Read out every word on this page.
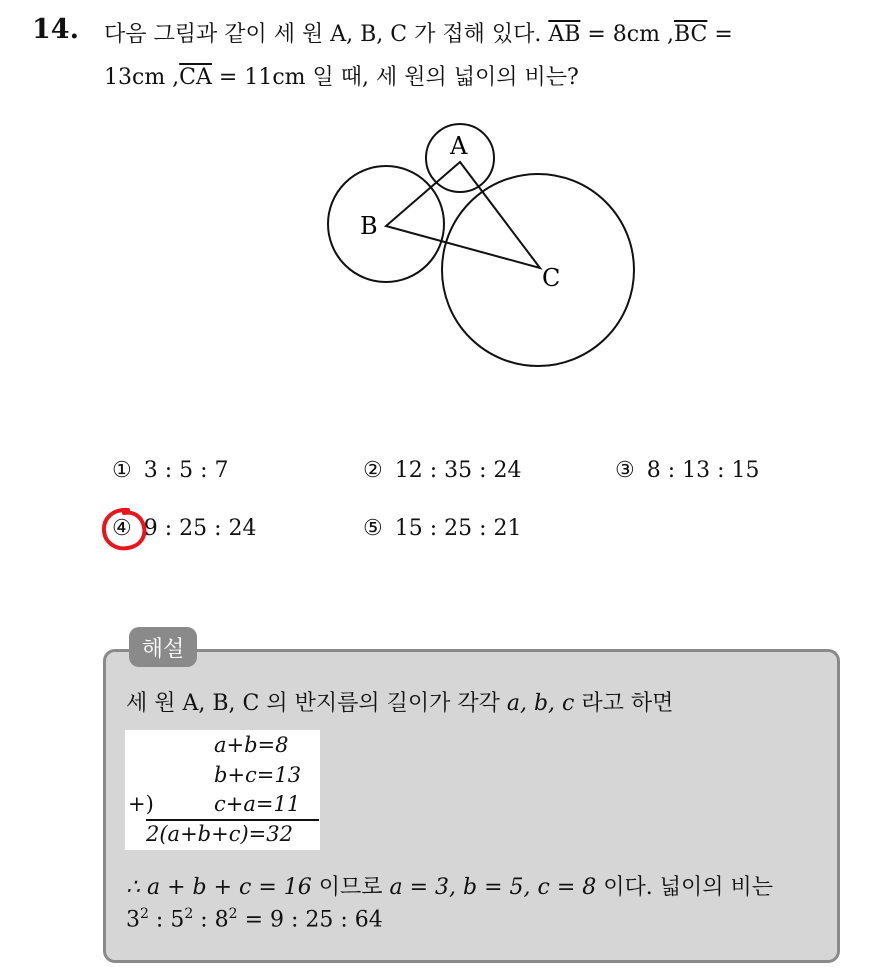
14. 다음 그림과 같이 세 원 A, B, C 가 접해 있다. $\overline{AB} = 8cm$ $,\overline{BC}$ =
13cm $,\overline{CA} = 11cm$ 일 때, 세 원의 넓이의 비는?
A
B
C
① 3 : 5 : 7	② 12 : 35 : 24	③ 8 : 13 : 15
④ 9 : 25 : 24	⑤ 15 : 25 : 21
해설
세 원 A, B, C 의 반지름의 길이가 각각 a, b, c 라고 하면
a+b=8
b+c=13
+)	c+a=11
2(a+b+c)=32
∴ a + b + c = 16 이므로 a = 3, b = 5, c = 8 이다. 넓이의 비는
$3^2$ : $5^2$ : $8^2 = 9$ : 25 : 64
